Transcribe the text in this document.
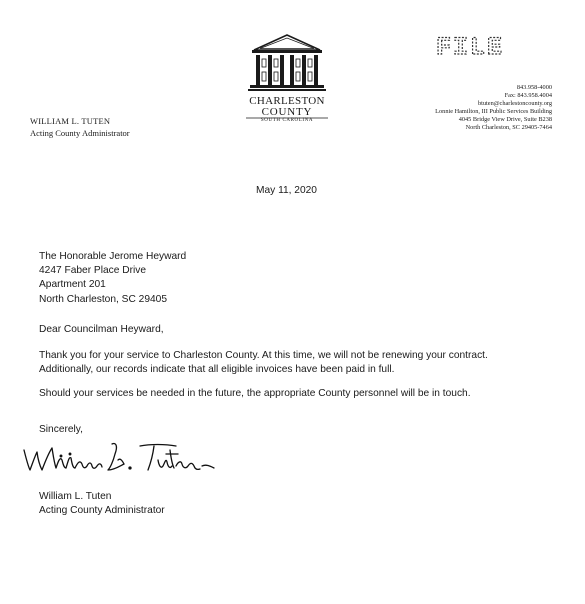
WILLIAM L. TUTEN
Acting County Administrator
CHARLESTON
COUNTY
SOUTH CAROLINA
FILE
843.958-4000
Fax: 843.958.4004
btuten@charlestoncounty.org
Lonnie Hamilton, III Public Services Building
4045 Bridge View Drive, Suite B238
North Charleston, SC 29405-7464
May 11, 2020
The Honorable Jerome Heyward
4247 Faber Place Drive
Apartment 201
North Charleston, SC 29405
Dear Councilman Heyward,
Thank you for your service to Charleston County. At this time, we will not be renewing your contract.
Additionally, our records indicate that all eligible invoices have been paid in full.
Should your services be needed in the future, the appropriate County personnel will be in touch.
Sincerely,
William L. Tuten
Acting County Administrator
